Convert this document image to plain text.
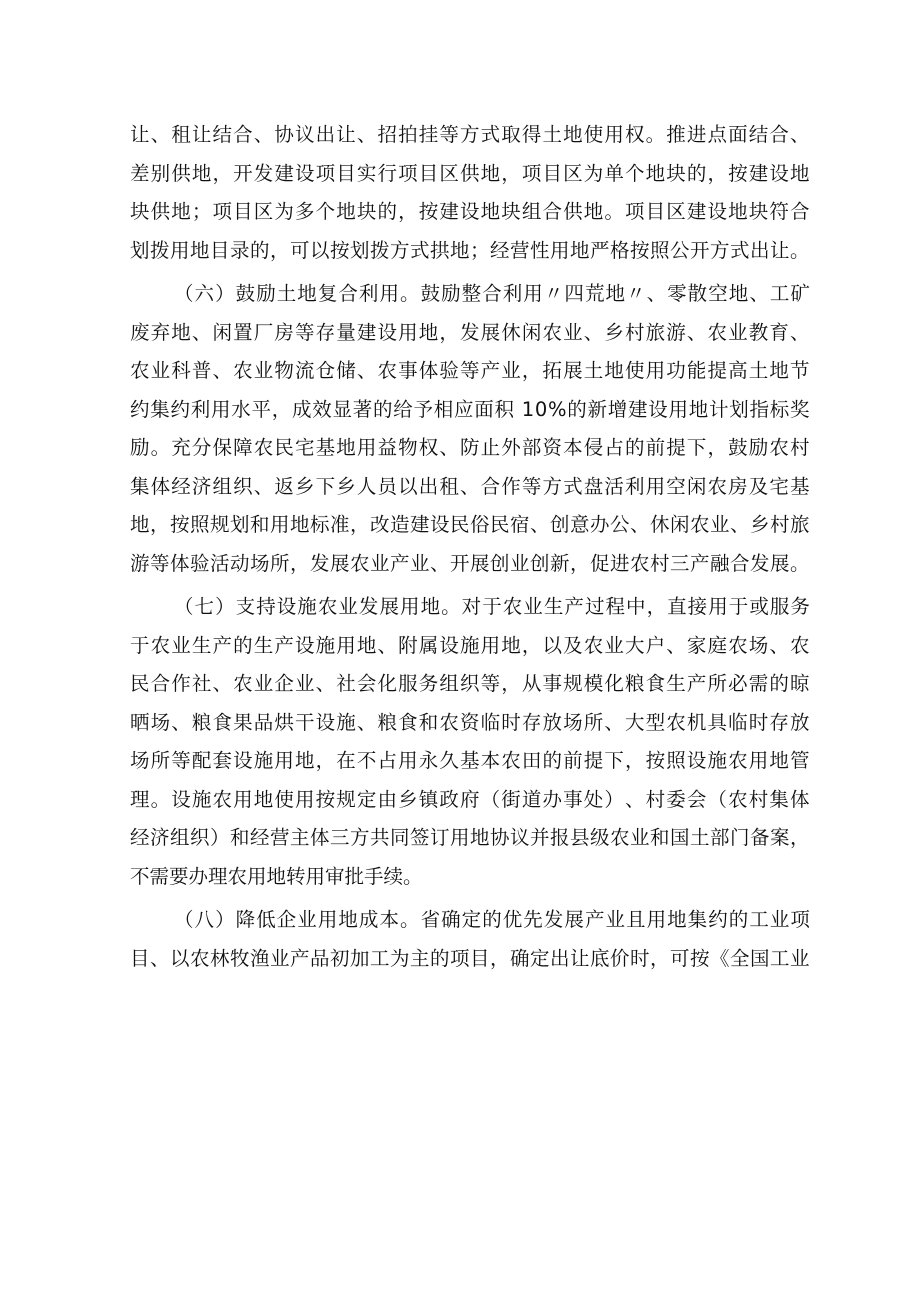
让 、 租 让 结 合 、 协 议 出 让 、 招 拍 挂 等 方 式 取 得 土 地 使 用 权 。 推 进 点 面 结 合 、
差 别 供 地 ， 开 发 建 设 项 目 实 行 项 目 区 供 地 ， 项 目 区 为 单 个 地 块 的 ， 按 建 设 地
块 供 地 ； 项 目 区 为 多 个 地 块 的 ， 按 建 设 地 块 组 合 供 地 。 项 目 区 建 设 地 块 符 合
划 拨 用 地 目 录 的 ， 可 以 按 划 拨 方 式 拱 地 ； 经 营 性 用 地 严 格 按 照 公 开 方 式 出 让 。
（ 六 ） 鼓 励 土 地 复 合 利 用 。 鼓 励 整 合 利 用 〃 四 荒 地 〃 、 零 散 空 地 、 工 矿
废 弃 地 、 闲 置 厂 房 等 存 量 建 设 用 地 ， 发 展 休 闲 农 业 、 乡 村 旅 游 、 农 业 教 育 、
农 业 科 普 、 农 业 物 流 仓 储 、 农 事 体 验 等 产 业 ， 拓 展 土 地 使 用 功 能 提 高 土 地 节
约 集 约 利 用 水 平 ， 成 效 显 著 的 给 予 相 应 面 积
1 0 % 的 新 增 建 设 用 地 计 划 指 标 奖
励 。 充 分 保 障 农 民 宅 基 地 用 益 物 权 、 防 止 外 部 资 本 侵 占 的 前 提 下 ， 鼓 励 农 村
集 体 经 济 组 织 、 返 乡 下 乡 人 员 以 出 租 、 合 作 等 方 式 盘 活 利 用 空 闲 农 房 及 宅 基
地 ， 按 照 规 划 和 用 地 标 准 ， 改 造 建 设 民 俗 民 宿 、 创 意 办 公 、 休 闲 农 业 、 乡 村 旅
游 等 体 验 活 动 场 所 ， 发 展 农 业 产 业 、 开 展 创 业 创 新 ， 促 进 农 村 三 产 融 合 发 展 。
（ 七 ） 支 持 设 施 农 业 发 展 用 地 。 对 于 农 业 生 产 过 程 中 ， 直 接 用 于 或 服 务
于 农 业 生 产 的 生 产 设 施 用 地 、 附 属 设 施 用 地 ， 以 及 农 业 大 户 、 家 庭 农 场 、 农
民 合 作 社 、 农 业 企 业 、 社 会 化 服 务 组 织 等 ， 从 事 规 模 化 粮 食 生 产 所 必 需 的 晾
晒 场 、 粮 食 果 品 烘 干 设 施 、 粮 食 和 农 资 临 时 存 放 场 所 、 大 型 农 机 具 临 时 存 放
场 所 等 配 套 设 施 用 地 ， 在 不 占 用 永 久 基 本 农 田 的 前 提 下 ， 按 照 设 施 农 用 地 管
理 。 设 施 农 用 地 使 用 按 规 定 由 乡 镇 政 府 （ 街 道 办 事 处 ） 、 村 委 会 （ 农 村 集 体
经 济 组 织 ） 和 经 营 主 体 三 方 共 同 签 订 用 地 协 议 并 报 县 级 农 业 和 国 土 部 门 备 案 ，
不需要办理农用地转用审批手续。
（ 八 ） 降 低 企 业 用 地 成 本 。 省 确 定 的 优 先 发 展 产 业 且 用 地 集 约 的 工 业 项
目 、 以 农 林 牧 渔 业 产 品 初 加 工 为 主 的 项 目 ， 确 定 出 让 底 价 时 ， 可 按 《 全 国 工 业
